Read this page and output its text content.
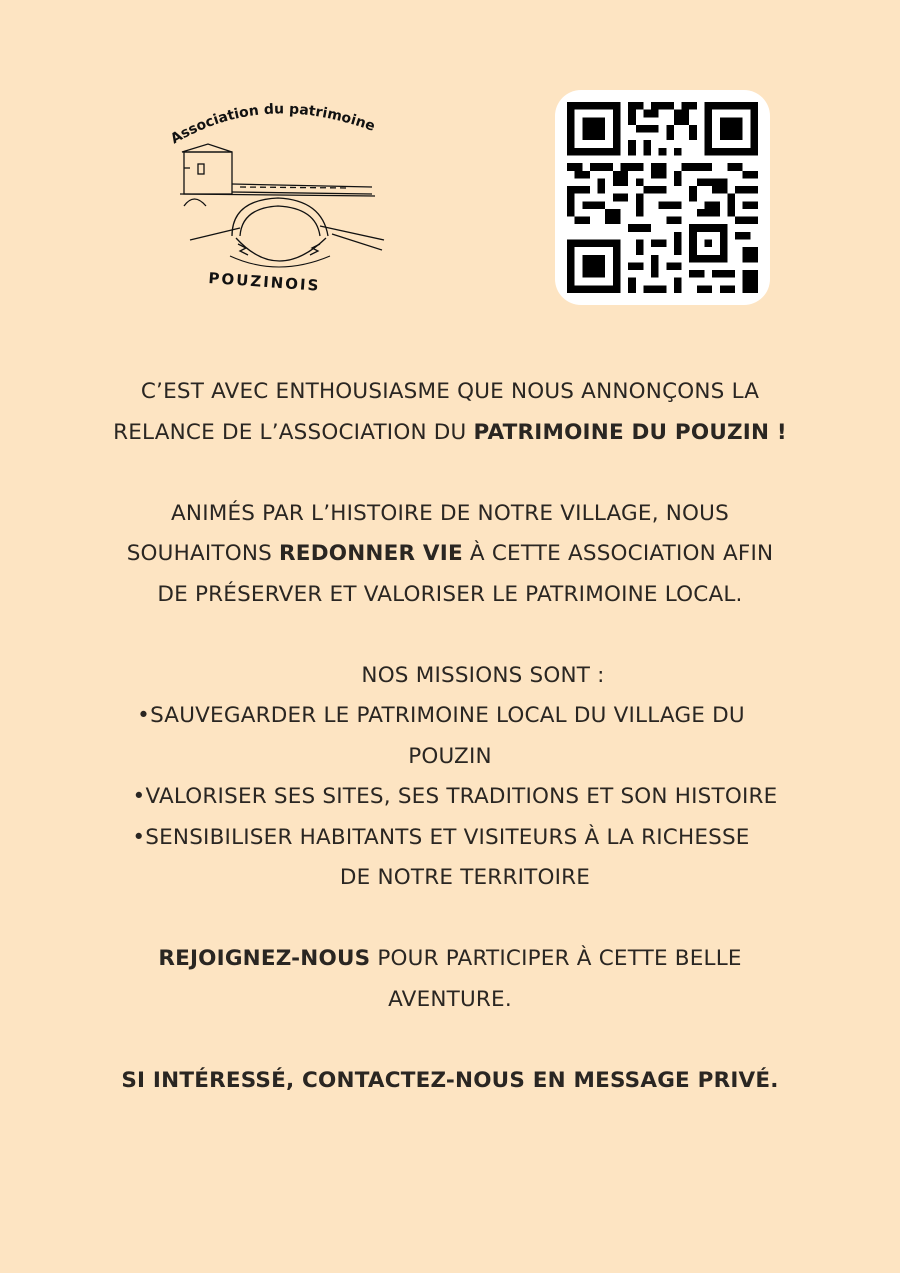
Association du patrimoine
POUZINOIS

C’EST AVEC ENTHOUSIASME QUE NOUS ANNONÇONS LA

RELANCE DE L’ASSOCIATION DU PATRIMOINE DU POUZIN !

ANIMÉS PAR L’HISTOIRE DE NOTRE VILLAGE, NOUS

SOUHAITONS REDONNER VIE À CETTE ASSOCIATION AFIN

DE PRÉSERVER ET VALORISER LE PATRIMOINE LOCAL.

NOS MISSIONS SONT :

•SAUVEGARDER LE PATRIMOINE LOCAL DU VILLAGE DU

POUZIN

•VALORISER SES SITES, SES TRADITIONS ET SON HISTOIRE

•SENSIBILISER HABITANTS ET VISITEURS À LA RICHESSE

DE NOTRE TERRITOIRE

REJOIGNEZ-NOUS POUR PARTICIPER À CETTE BELLE

AVENTURE.

SI INTÉRESSÉ, CONTACTEZ-NOUS EN MESSAGE PRIVÉ.
